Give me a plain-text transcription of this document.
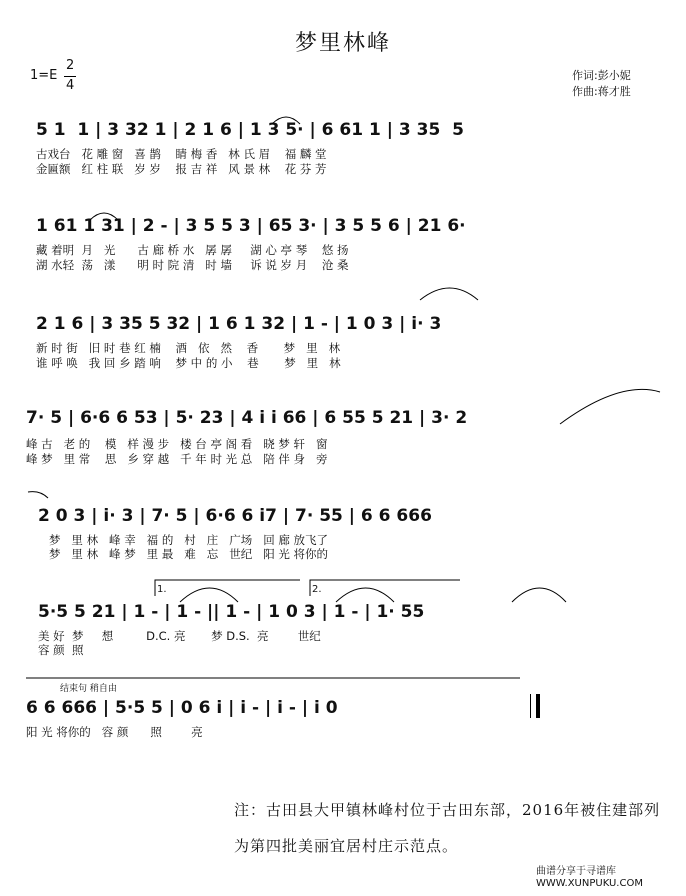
梦里林峰
1=E
2
4
作词:彭小妮
作曲:蒋才胜
5 1  1 | 3 32 1 | 2 1 6 | 1 3 5· | 6 61 1 | 3 35  5
古戏台   花 雕 窗   喜 鹊    睛 梅 香   林 氏 眉    福 麟 堂
金匾额   红 柱 联   岁 岁    报 吉 祥   风 景 林    花 芬 芳
1 61 1 31 | 2 - | 3 5 5 3 | 65 3· | 3 5 5 6 | 21 6·
藏 着明  月   光      古 廊 桥 水   孱 孱     湖 心 亭 琴    悠 扬
湖 水轻  荡   漾      明 时 院 清   时 墙     诉 说 岁 月    沧 桑
2 1 6 | 3 35 5 32 | 1 6 1 32 | 1 - | 1 0 3 | i· 3
新 时 街   旧 时 巷 红 楠    酒   依   然    香       梦   里   林
谁 呼 唤   我 回 乡 踏 响    梦 中 的 小    巷       梦   里   林
7· 5 | 6·6 6 53 | 5· 23 | 4 i i 66 | 6 55 5 21 | 3· 2
峰 古   老 的    模   样 漫 步   楼 台 亭 阁 看   晓 梦 轩   窗
峰 梦   里 常    思   乡 穿 越   千 年 时 光 总   陪 伴 身   旁
2 0 3 | i· 3 | 7· 5 | 6·6 6 i7 | 7· 55 | 6 6 666
梦   里 林   峰 幸   福 的   村   庄   广场   回 廊 放飞了
梦   里 林   峰 梦   里 最   难   忘   世纪   阳 光 将你的
5·5 5 21 | 1 - | 1 - || 1 - | 1 0 3 | 1 - | 1· 55
美 好  梦     想         D.C. 亮       梦 D.S.  亮        世纪
容 颜  照
1.	2.
结束句 稍自由
6 6 666 | 5·5 5 | 0 6 i | i - | i - | i 0
阳 光 将你的   容 颜      照        亮
注：古田县大甲镇林峰村位于古田东部，2016年被住建部列为第四批美丽宜居村庄示范点。
曲谱分享于寻谱库
WWW.XUNPUKU.COM
